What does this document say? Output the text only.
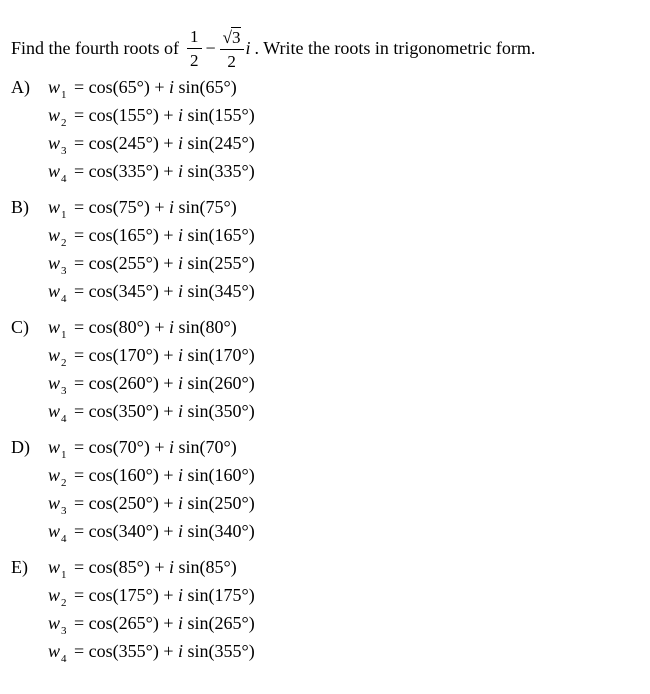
Find the fourth roots of $\frac{1}{2} - \frac{√ 3}{2}$ i . Write the roots in trigonometric form.
A)	$w_1 = \cos(65^\circ) + i$ sin(65°)
$w_2 = \cos(155^\circ) + i$ sin(155°)
$w_3 = \cos(245^\circ) + i$ sin(245°)
$w_4 = \cos(335^\circ) + i$ sin(335°)
B)	$w_1 = \cos(75^\circ) + i$ sin(75°)
$w_2 = \cos(165^\circ) + i$ sin(165°)
$w_3 = \cos(255^\circ) + i$ sin(255°)
$w_4 = \cos(345^\circ) + i$ sin(345°)
C)	$w_1 = \cos(80^\circ) + i$ sin(80°)
$w_2 = \cos(170^\circ) + i$ sin(170°)
$w_3 = \cos(260^\circ) + i$ sin(260°)
$w_4 = \cos(350^\circ) + i$ sin(350°)
D)	$w_1 = \cos(70^\circ) + i$ sin(70°)
$w_2 = \cos(160^\circ) + i$ sin(160°)
$w_3 = \cos(250^\circ) + i$ sin(250°)
$w_4 = \cos(340^\circ) + i$ sin(340°)
E)	$w_1 = \cos(85^\circ) + i$ sin(85°)
$w_2 = \cos(175^\circ) + i$ sin(175°)
$w_3 = \cos(265^\circ) + i$ sin(265°)
$w_4 = \cos(355^\circ) + i$ sin(355°)
